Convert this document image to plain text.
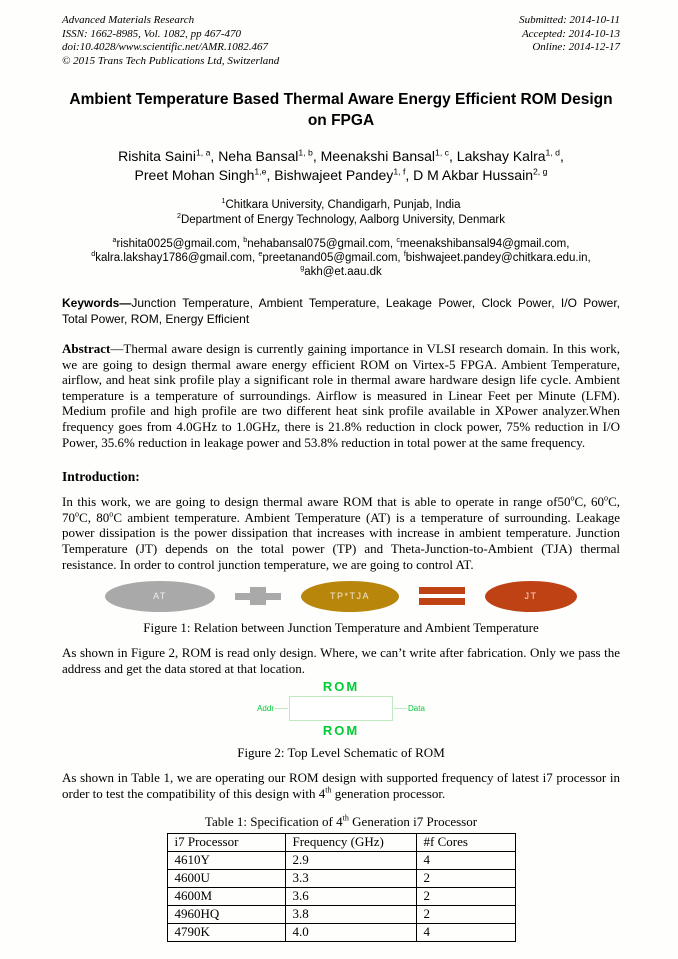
Advanced Materials Research
ISSN: 1662-8985, Vol. 1082, pp 467-470
doi:10.4028/www.scientific.net/AMR.1082.467
© 2015 Trans Tech Publications Ltd, Switzerland
Submitted: 2014-10-11
Accepted: 2014-10-13
Online: 2014-12-17
Ambient Temperature Based Thermal Aware Energy Efficient ROM Design on FPGA
Rishita Saini$^{1, a}$, Neha Bansal$^{1, b}$, Meenakshi Bansal$^{1, c}$, Lakshay Kalra$^{1, d}$,
Preet Mohan Singh$^{1,e}$, Bishwajeet Pandey$^{1, f}$, D M Akbar Hussain$^{2, g}$
$^1$Chitkara University, Chandigarh, Punjab, India
$^2$Department of Energy Technology, Aalborg University, Denmark
$^a$rishita0025@gmail.com, $^b$nehabansal075@gmail.com, $^c$meenakshibansal94@gmail.com,
$^d$kalra.lakshay1786@gmail.com, $^e$preetanand05@gmail.com, $^f$bishwajeet.pandey@chitkara.edu.in,
$^g$akh@et.aau.dk

Keywords—Junction Temperature, Ambient Temperature, Leakage Power, Clock Power, I/O Power, Total Power, ROM, Energy Efficient

Abstract—Thermal aware design is currently gaining importance in VLSI research domain. In this work, we are going to design thermal aware energy efficient ROM on Virtex-5 FPGA. Ambient Temperature, airflow, and heat sink profile play a significant role in thermal aware hardware design life cycle. Ambient temperature is a temperature of surroundings. Airflow is measured in Linear Feet per Minute (LFM). Medium profile and high profile are two different heat sink profile available in XPower analyzer.When frequency goes from 4.0GHz to 1.0GHz, there is 21.8% reduction in clock power, 75% reduction in I/O Power, 35.6% reduction in leakage power and 53.8% reduction in total power at the same frequency.

Introduction:

In this work, we are going to design thermal aware ROM that is able to operate in range of50$^o$C, 60$^o$C, 70$^o$C, 80$^o$C ambient temperature. Ambient Temperature (AT) is a temperature of surrounding. Leakage power dissipation is the power dissipation that increases with increase in ambient temperature. Junction Temperature (JT) depends on the total power (TP) and Theta-Junction-to-Ambient (TJA) thermal resistance. In order to control junction temperature, we are going to control AT.

AT	TP*TJA	JT
Figure 1: Relation between Junction Temperature and Ambient Temperature

As shown in Figure 2, ROM is read only design. Where, we can’t write after fabrication. Only we pass the address and get the data stored at that location.

ROM
Addr	Data
ROM
Figure 2: Top Level Schematic of ROM

As shown in Table 1, we are operating our ROM design with supported frequency of latest i7 processor in order to test the compatibility of this design with 4th generation processor.

Table 1: Specification of 4th Generation i7 Processor
i7 Processor	Frequency (GHz)	#f Cores
4610Y	2.9	4
4600U	3.3	2
4600M	3.6	2
4960HQ	3.8	2
4790K	4.0	4
